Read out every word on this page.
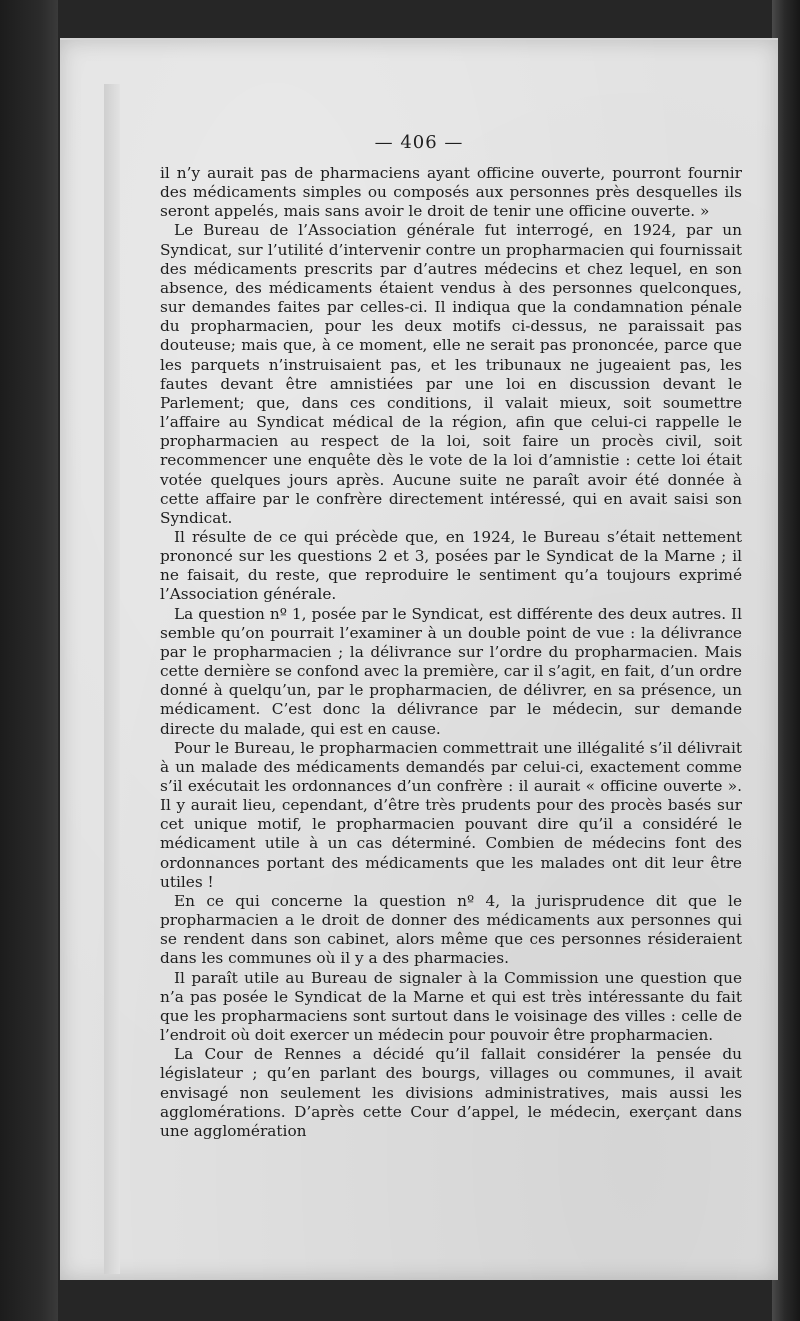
— 406 —

il n’y aurait pas de pharmaciens ayant officine ouverte, pourront fournir des médicaments simples ou composés aux personnes près desquelles ils seront appelés, mais sans avoir le droit de tenir une officine ouverte. »

Le Bureau de l’Association générale fut interrogé, en 1924, par un Syndicat, sur l’utilité d’intervenir contre un propharmacien qui fournissait des médicaments prescrits par d’autres médecins et chez lequel, en son absence, des médicaments étaient vendus à des personnes quelconques, sur demandes faites par celles-ci. Il indiqua que la condamnation pénale du propharmacien, pour les deux motifs ci-dessus, ne paraissait pas douteuse; mais que, à ce moment, elle ne serait pas prononcée, parce que les parquets n’instruisaient pas, et les tribunaux ne jugeaient pas, les fautes devant être amnistiées par une loi en discussion devant le Parlement; que, dans ces conditions, il valait mieux, soit soumettre l’affaire au Syndicat médical de la région, afin que celui-ci rappelle le propharmacien au respect de la loi, soit faire un procès civil, soit recommencer une enquête dès le vote de la loi d’amnistie : cette loi était votée quelques jours après. Aucune suite ne paraît avoir été donnée à cette affaire par le confrère directement intéressé, qui en avait saisi son Syndicat.

Il résulte de ce qui précède que, en 1924, le Bureau s’était nettement prononcé sur les questions 2 et 3, posées par le Syndicat de la Marne ; il ne faisait, du reste, que reproduire le sentiment qu’a toujours exprimé l’Association générale.

La question nº 1, posée par le Syndicat, est différente des deux autres. Il semble qu’on pourrait l’examiner à un double point de vue : la délivrance par le propharmacien ; la délivrance sur l’ordre du propharmacien. Mais cette dernière se confond avec la première, car il s’agit, en fait, d’un ordre donné à quelqu’un, par le propharmacien, de délivrer, en sa présence, un médicament. C’est donc la délivrance par le médecin, sur demande directe du malade, qui est en cause.

Pour le Bureau, le propharmacien commettrait une illégalité s’il délivrait à un malade des médicaments demandés par celui-ci, exactement comme s’il exécutait les ordonnances d’un confrère : il aurait « officine ouverte ». Il y aurait lieu, cependant, d’être très prudents pour des procès basés sur cet unique motif, le propharmacien pouvant dire qu’il a considéré le médicament utile à un cas déterminé. Combien de médecins font des ordonnances portant des médicaments que les malades ont dit leur être utiles !

En ce qui concerne la question nº 4, la jurisprudence dit que le propharmacien a le droit de donner des médicaments aux personnes qui se rendent dans son cabinet, alors même que ces personnes résideraient dans les communes où il y a des pharmacies.

Il paraît utile au Bureau de signaler à la Commission une question que n’a pas posée le Syndicat de la Marne et qui est très intéressante du fait que les propharmaciens sont surtout dans le voisinage des villes : celle de l’endroit où doit exercer un médecin pour pouvoir être propharmacien.

La Cour de Rennes a décidé qu’il fallait considérer la pensée du législateur ; qu’en parlant des bourgs, villages ou communes, il avait envisagé non seulement les divisions administratives, mais aussi les agglomérations. D’après cette Cour d’appel, le médecin, exerçant dans une agglomération
